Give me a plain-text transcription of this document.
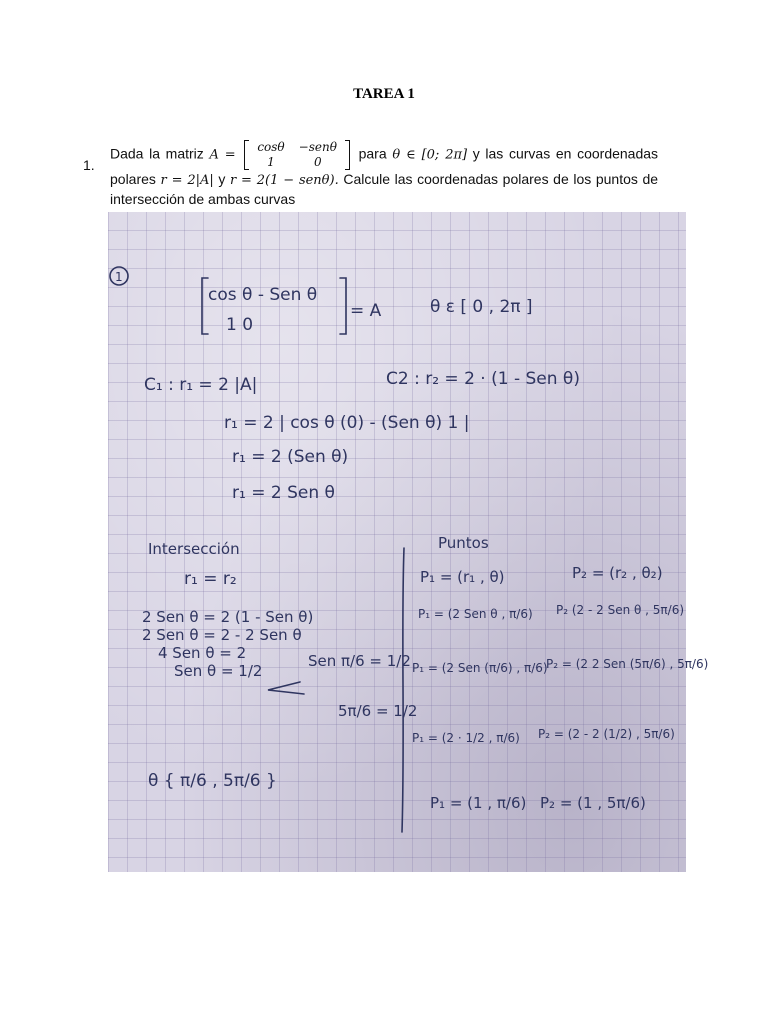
TAREA 1
1.
Dada la matriz A =
cosθ	−senθ
1	0
para θ ∈ [0; 2π] y las curvas en coordenadas polares r = 2|A| y r = 2(1 − senθ). Calcule las coordenadas polares de los puntos de intersección de ambas curvas
1
cos θ - Sen θ
1 0
= A	θ ε [ 0 , 2π ]
C₁ : r₁ = 2 |A|	C2 : r₂ = 2 · (1 - Sen θ)
r₁ = 2 | cos θ (0) - (Sen θ) 1 |
r₁ = 2 (Sen θ)
r₁ = 2 Sen θ
Intersección
r₁ = r₂
2 Sen θ = 2 (1 - Sen θ)
2 Sen θ = 2 - 2 Sen θ
4 Sen θ = 2
Sen θ = 1/2
Sen π/6 = 1/2
5π/6 = 1/2
θ { π/6 , 5π/6 }
Puntos
P₁ = (r₁ , θ)	P₂ = (r₂ , θ₂)
P₁ = (2 Sen θ , π/6) P₂ (2 - 2 Sen θ , 5π/6)
P₁ = (2 Sen (π/6) , π/6)
P₂ = (2 2 Sen (5π/6) , 5π/6)
P₁ = (2 · 1/2 , π/6) P₂ = (2 - 2 (1/2) , 5π/6)
P₁ = (1 , π/6) P₂ = (1 , 5π/6)
